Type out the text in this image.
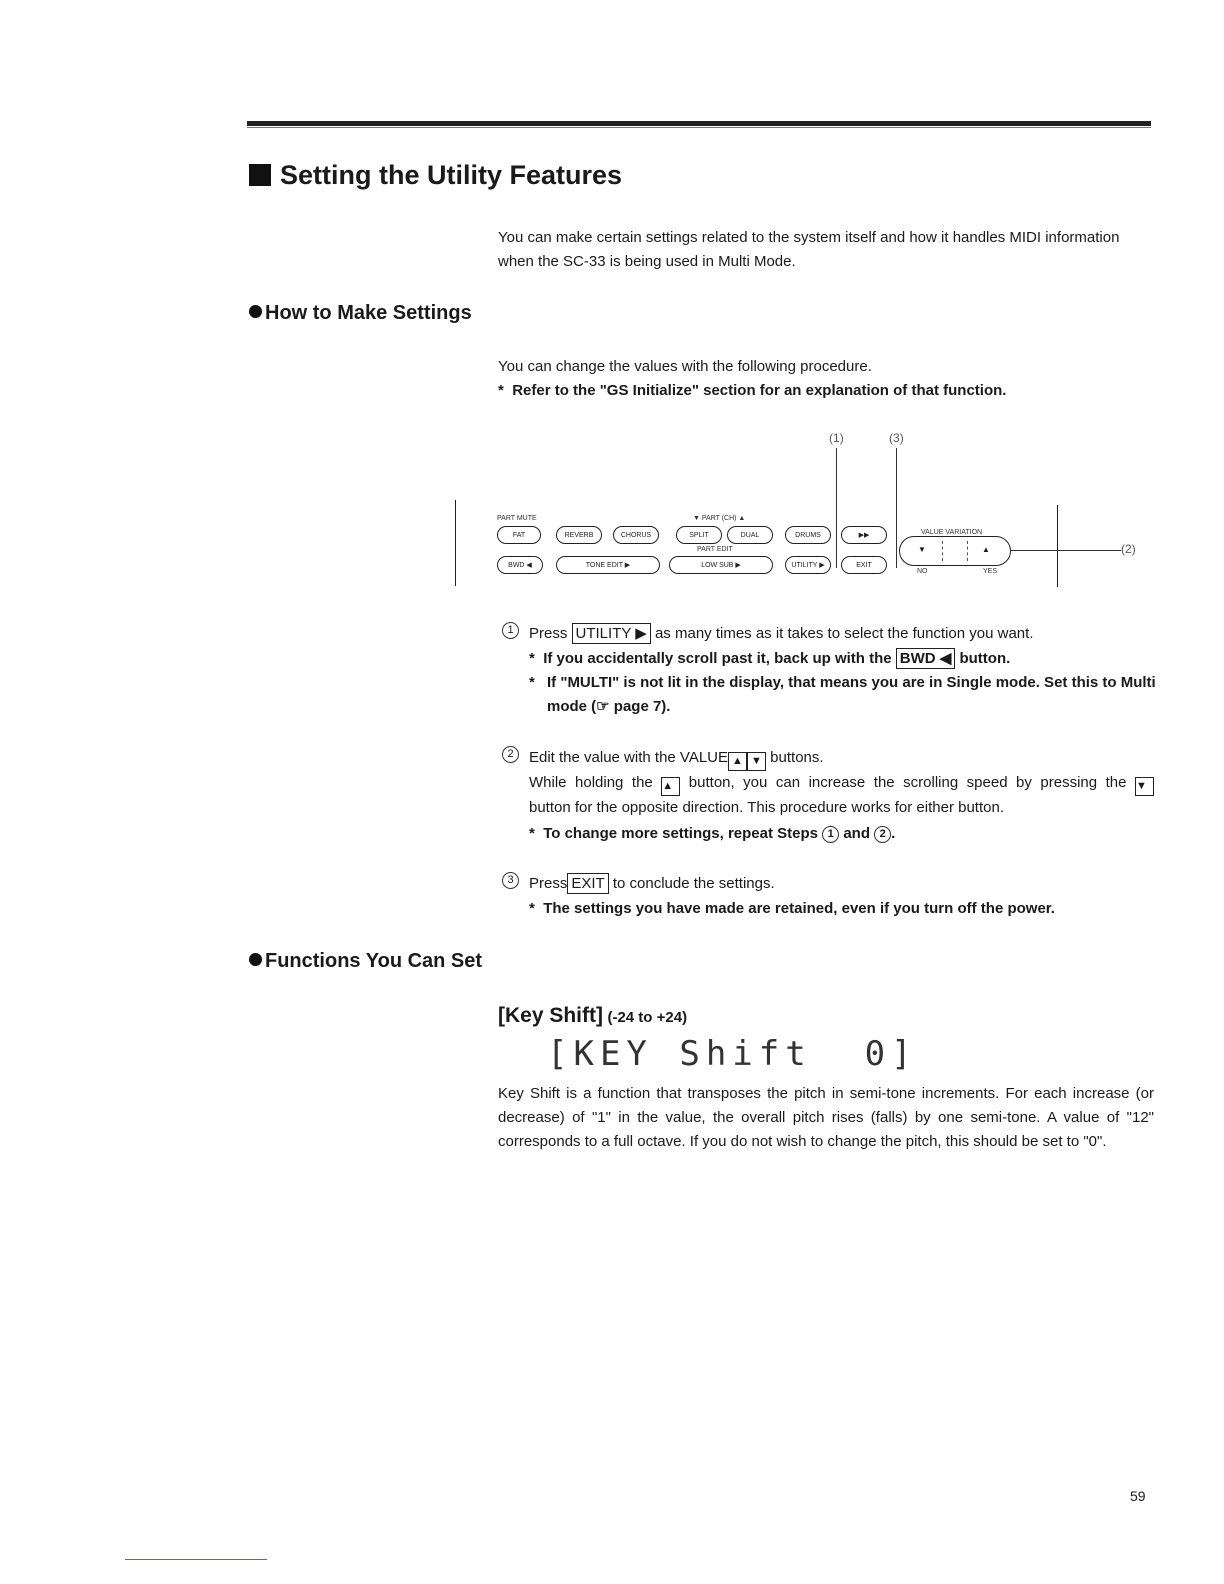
Setting the Utility Features
You can make certain settings related to the system itself and how it handles MIDI information when the SC-33 is being used in Multi Mode.
How to Make Settings
You can change the values with the following procedure.
*  Refer to the "GS Initialize" section for an explanation of that function.
(1)	(3)
(2)
PART MUTE	▼ PART (CH) ▲
PART EDIT
VALUE VARIATION
NO	YES
FAT	REVERB	CHORUS	SPLIT	DUAL	DRUMS	▶▶
BWD ◀	TONE EDIT ▶	LOW SUB ▶	UTILITY ▶	EXIT
▼	▲
1	Press UTILITY ▶ as many times as it takes to select the function you want.
*  If you accidentally scroll past it, back up with the BWD ◀ button.
* If "MULTI" is not lit in the display, that means you are in Single mode. Set this to Multi mode (☞ page 7).
2	Edit the value with the VALUE ▲ ▼ buttons.
While holding the ▲ button, you can increase the scrolling speed by pressing the ▼
button for the opposite direction. This procedure works for either button.
*  To change more settings, repeat Steps 1 and 2 .
3	Press EXIT to conclude the settings.
*  The settings you have made are retained, even if you turn off the power.
Functions You Can Set
[Key Shift] (-24 to +24)
[KEY Shift  0]
Key Shift is a function that transposes the pitch in semi-tone increments. For each increase (or decrease) of "1" in the value, the overall pitch rises (falls) by one semi-tone. A value of "12" corresponds to a full octave. If you do not wish to change the pitch, this should be set to "0".
59
